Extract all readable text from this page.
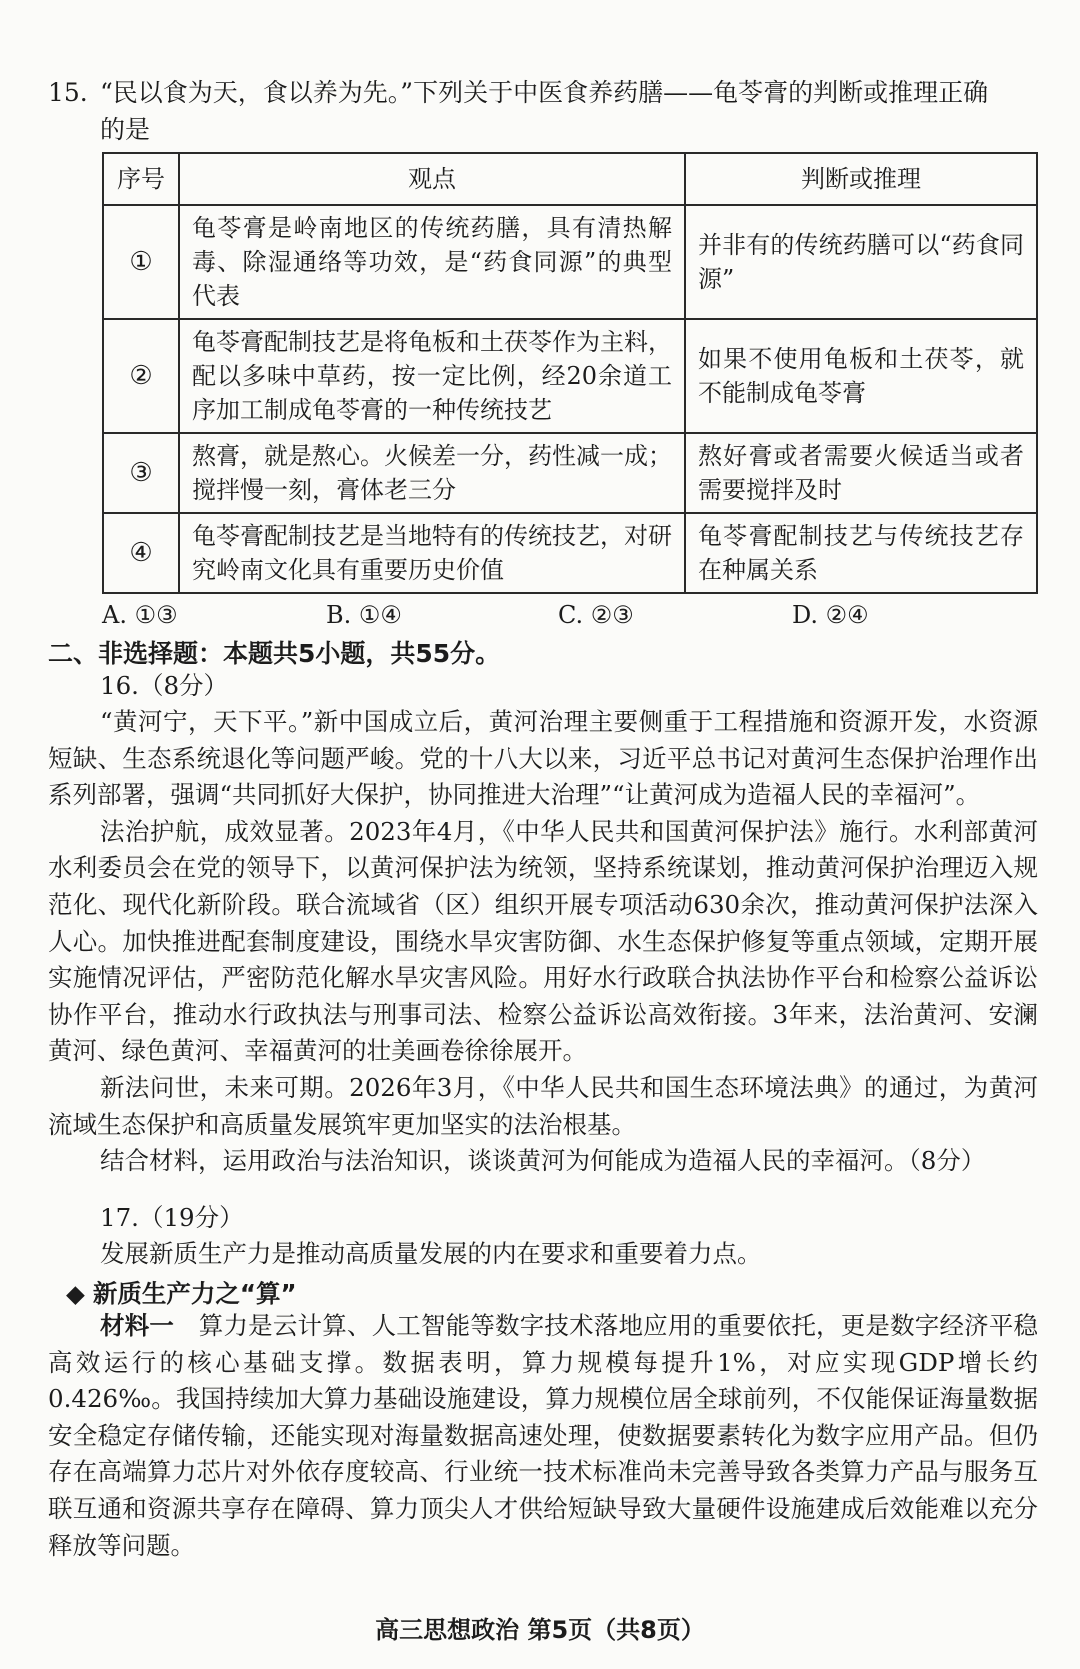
15. “民以食为天，食以养为先。”下列关于中医食养药膳——龟苓膏的判断或推理正确
的是
序号	观点	判断或推理
①	龟苓膏是岭南地区的传统药膳，具有清热解毒、除湿通络等功效，是“药食同源”的典型代表	并非有的传统药膳可以“药食同源”
②	龟苓膏配制技艺是将龟板和土茯苓作为主料，配以多味中草药，按一定比例，经20余道工序加工制成龟苓膏的一种传统技艺	如果不使用龟板和土茯苓，就不能制成龟苓膏
③	熬膏，就是熬心。火候差一分，药性减一成；搅拌慢一刻，膏体老三分	熬好膏或者需要火候适当或者需要搅拌及时
④	龟苓膏配制技艺是当地特有的传统技艺，对研究岭南文化具有重要历史价值	龟苓膏配制技艺与传统技艺存在种属关系
A. ①③	B. ①④	C. ②③	D. ②④
二、非选择题：本题共5小题，共55分。
16.（8分）

“黄河宁，天下平。”新中国成立后，黄河治理主要侧重于工程措施和资源开发，水资源短缺、生态系统退化等问题严峻。党的十八大以来，习近平总书记对黄河生态保护治理作出系列部署，强调“共同抓好大保护，协同推进大治理”“让黄河成为造福人民的幸福河”。

法治护航，成效显著。2023年4月，《中华人民共和国黄河保护法》施行。水利部黄河水利委员会在党的领导下，以黄河保护法为统领，坚持系统谋划，推动黄河保护治理迈入规范化、现代化新阶段。联合流域省（区）组织开展专项活动630余次，推动黄河保护法深入人心。加快推进配套制度建设，围绕水旱灾害防御、水生态保护修复等重点领域，定期开展实施情况评估，严密防范化解水旱灾害风险。用好水行政联合执法协作平台和检察公益诉讼协作平台，推动水行政执法与刑事司法、检察公益诉讼高效衔接。3年来，法治黄河、安澜黄河、绿色黄河、幸福黄河的壮美画卷徐徐展开。

新法问世，未来可期。2026年3月，《中华人民共和国生态环境法典》的通过，为黄河流域生态保护和高质量发展筑牢更加坚实的法治根基。

结合材料，运用政治与法治知识，谈谈黄河为何能成为造福人民的幸福河。（8分）

17.（19分）

发展新质生产力是推动高质量发展的内在要求和重要着力点。

◆ 新质生产力之“算”

材料一　 算力是云计算、人工智能等数字技术落地应用的重要依托，更是数字经济平稳高效运行的核心基础支撑。数据表明，算力规模每提升1%，对应实现GDP增长约0.426‰。我国持续加大算力基础设施建设，算力规模位居全球前列，不仅能保证海量数据安全稳定存储传输，还能实现对海量数据高速处理，使数据要素转化为数字应用产品。但仍存在高端算力芯片对外依存度较高、行业统一技术标准尚未完善导致各类算力产品与服务互联互通和资源共享存在障碍、算力顶尖人才供给短缺导致大量硬件设施建成后效能难以充分释放等问题。

高三思想政治 第5页（共8页）
